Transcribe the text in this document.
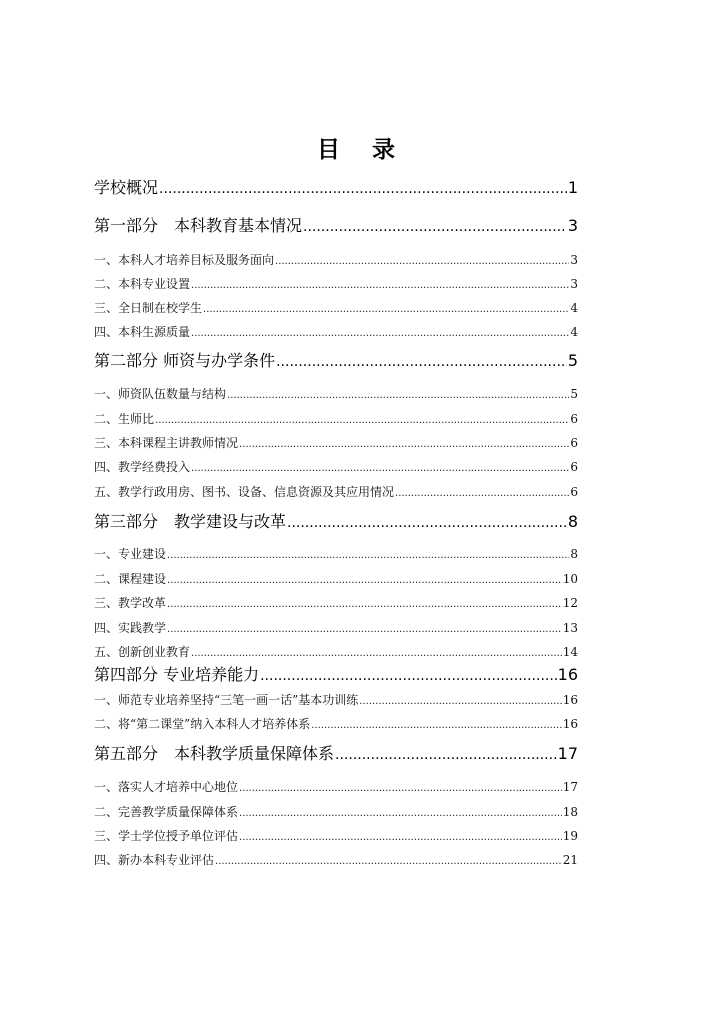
目 录
学校概况 .....	1
第一部分　本科教育基本情况 .....	3
一、本科人才培养目标及服务面向 .....	3
二、本科专业设置 .....	3
三、全日制在校学生 .....	4
四、本科生源质量 .....	4
第二部分 师资与办学条件 .....	5
一、师资队伍数量与结构 .....	5
二、生师比 .....	6
三、本科课程主讲教师情况 .....	6
四、教学经费投入 .....	6
五、教学行政用房、图书、设备、信息资源及其应用情况 .....	6
第三部分　教学建设与改革 .....	8
一、专业建设 .....	8
二、课程建设 .....	10
三、教学改革 .....	12
四、实践教学 .....	13
五、创新创业教育 .....	14
第四部分 专业培养能力 .....	16
一、师范专业培养坚持“三笔一画一话”基本功训练 .....	16
二、将“第二课堂”纳入本科人才培养体系 .....	16
第五部分　本科教学质量保障体系 .....	17
一、落实人才培养中心地位 .....	17
二、完善教学质量保障体系 .....	18
三、学士学位授予单位评估 .....	19
四、新办本科专业评估 .....	21
